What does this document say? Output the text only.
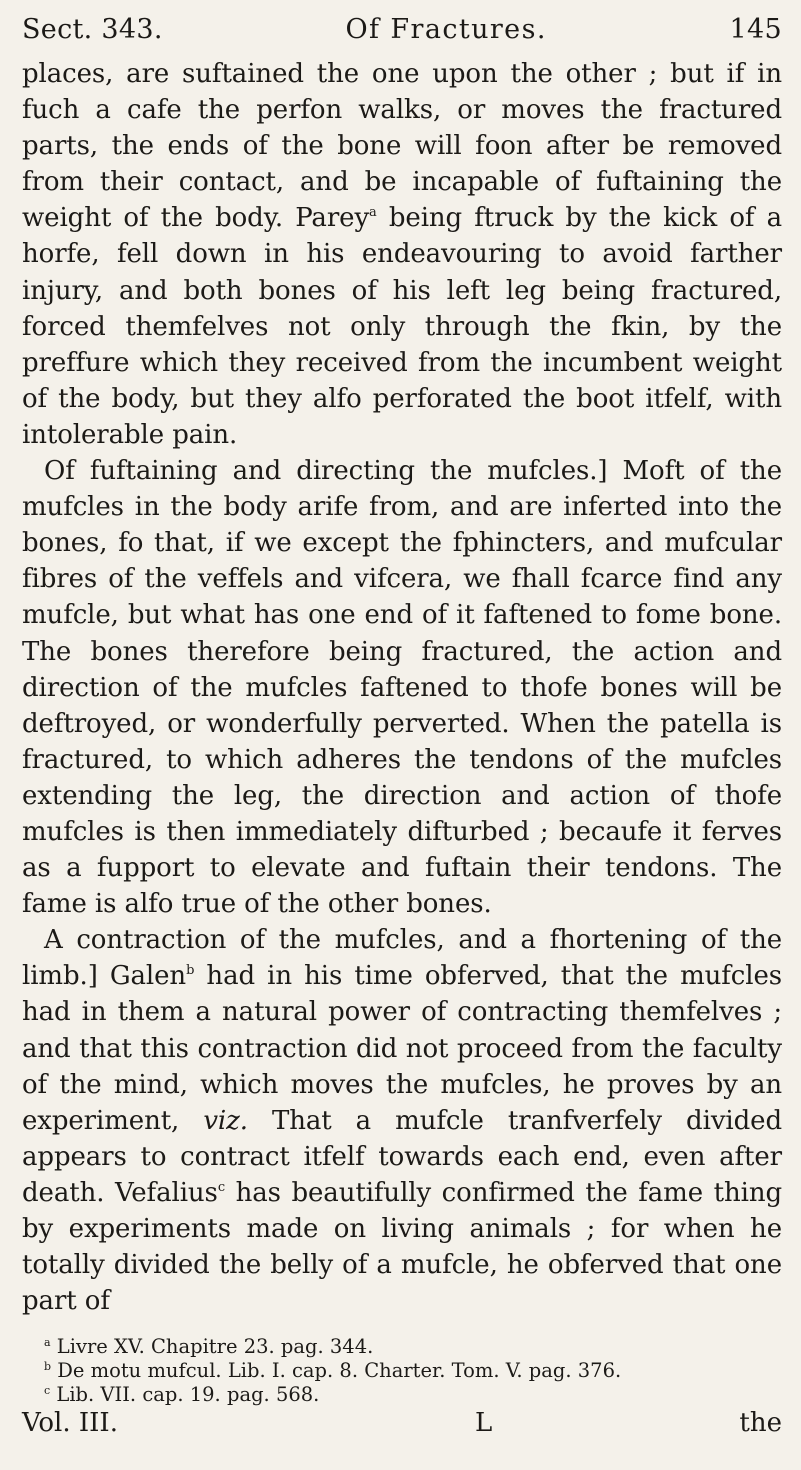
Sect. 343.	Of Fractures.	145

places, are suftained the one upon the other ; but if in fuch a cafe the perfon walks, or moves the fractured parts, the ends of the bone will foon after be removed from their contact, and be incapable of fuftaining the weight of the body. Parey$^a$ being ftruck by the kick of a horfe, fell down in his endeavouring to avoid farther injury, and both bones of his left leg being fractured, forced themfelves not only through the fkin, by the preffure which they received from the incumbent weight of the body, but they alfo perforated the boot itfelf, with intolerable pain.

Of fuftaining and directing the mufcles.] Moft of the mufcles in the body arife from, and are inferted into the bones, fo that, if we except the fphincters, and mufcular fibres of the veffels and vifcera, we fhall fcarce find any mufcle, but what has one end of it faftened to fome bone. The bones therefore being fractured, the action and direction of the mufcles faftened to thofe bones will be deftroyed, or wonderfully perverted. When the patella is fractured, to which adheres the tendons of the mufcles extending the leg, the direction and action of thofe mufcles is then immediately difturbed ; becaufe it ferves as a fupport to elevate and fuftain their tendons. The fame is alfo true of the other bones.

A contraction of the mufcles, and a fhortening of the limb.] Galen$^b$ had in his time obferved, that the mufcles had in them a natural power of contracting themfelves ; and that this contraction did not proceed from the faculty of the mind, which moves the mufcles, he proves by an experiment, viz. That a mufcle tranfverfely divided appears to contract itfelf towards each end, even after death. Vefalius$^c$ has beautifully confirmed the fame thing by experiments made on living animals ; for when he totally divided the belly of a mufcle, he obferved that one part of

$^a$ Livre XV. Chapitre 23. pag. 344.

$^b$ De motu mufcul. Lib. I. cap. 8. Charter. Tom. V. pag. 376.

$^c$ Lib. VII. cap. 19. pag. 568.

Vol. III.	L	the
